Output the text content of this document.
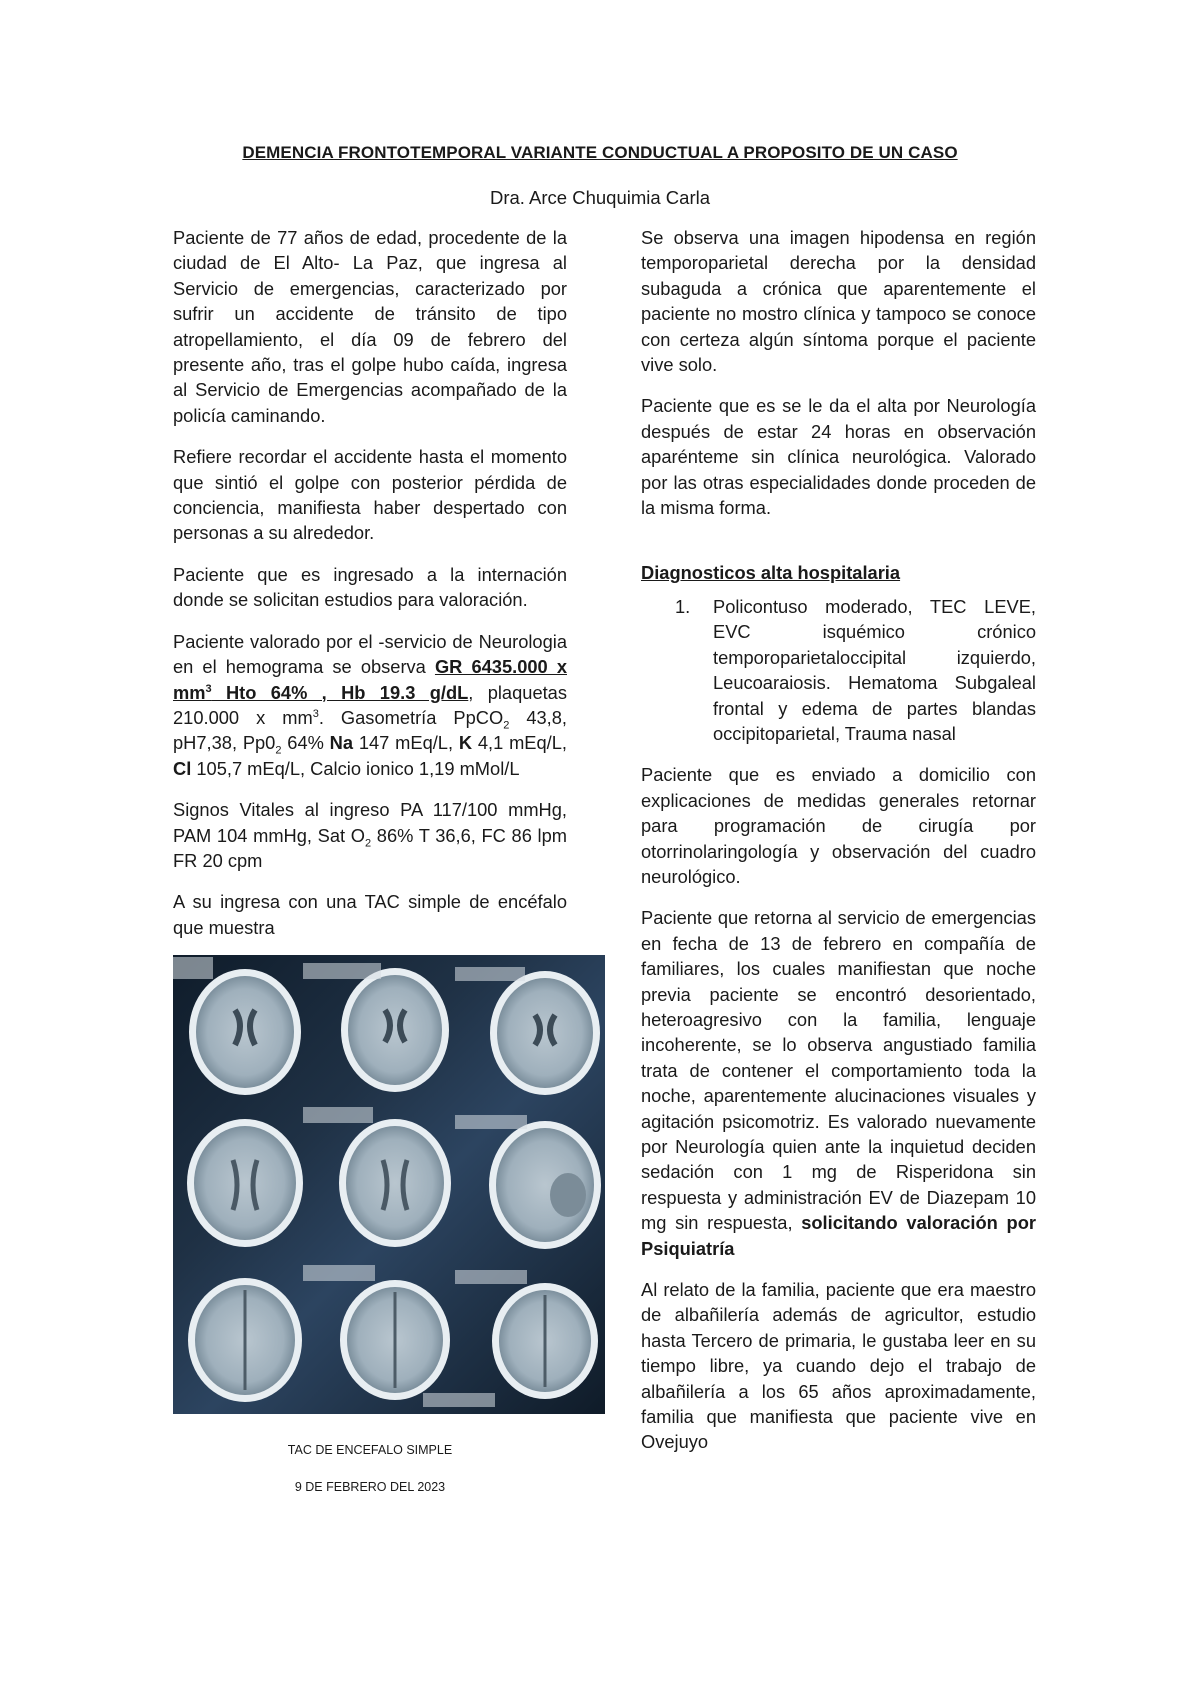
DEMENCIA FRONTOTEMPORAL VARIANTE CONDUCTUAL A PROPOSITO DE UN CASO
Dra. Arce Chuquimia Carla

Paciente de 77 años de edad, procedente de la ciudad de El Alto- La Paz, que ingresa al Servicio de emergencias, caracterizado por sufrir un accidente de tránsito de tipo atropellamiento, el día 09 de febrero del presente año, tras el golpe hubo caída, ingresa al Servicio de Emergencias acompañado de la policía caminando.

Refiere recordar el accidente hasta el momento que sintió el golpe con posterior pérdida de conciencia, manifiesta haber despertado con personas a su alrededor.

Paciente que es ingresado a la internación donde se solicitan estudios para valoración.

Paciente valorado por el -servicio de Neurologia en el hemograma se observa GR 6435.000 x $mm^3$ Hto 64% , Hb 19.3 g/dL, plaquetas 210.000 x $mm^3$. Gasometría PpCO$_2$ 43,8, pH7,38, $Pp0_2$ 64% Na 147 mEq/L, K 4,1 mEq/L, Cl 105,7 mEq/L, Calcio ionico 1,19 mMol/L

Signos Vitales al ingreso PA 117/100 mmHg, PAM 104 mmHg, Sat $O_2$ 86% T 36,6, FC 86 lpm FR 20 cpm

A su ingresa con una TAC simple de encéfalo que muestra

TAC DE ENCEFALO SIMPLE
9 DE FEBRERO DEL 2023

Se observa una imagen hipodensa en región temporoparietal derecha por la densidad subaguda a crónica que aparentemente el paciente no mostro clínica y tampoco se conoce con certeza algún síntoma porque el paciente vive solo.

Paciente que es se le da el alta por Neurología después de estar 24 horas en observación aparénteme sin clínica neurológica. Valorado por las otras especialidades donde proceden de la misma forma.

Diagnosticos alta hospitalaria
1. Policontuso moderado, TEC LEVE, EVC isquémico crónico temporoparietaloccipital izquierdo, Leucoaraiosis. Hematoma Subgaleal frontal y edema de partes blandas occipitoparietal, Trauma nasal

Paciente que es enviado a domicilio con explicaciones de medidas generales retornar para programación de cirugía por otorrinolaringología y observación del cuadro neurológico.

Paciente que retorna al servicio de emergencias en fecha de 13 de febrero en compañía de familiares, los cuales manifiestan que noche previa paciente se encontró desorientado, heteroagresivo con la familia, lenguaje incoherente, se lo observa angustiado familia trata de contener el comportamiento toda la noche, aparentemente alucinaciones visuales y agitación psicomotriz. Es valorado nuevamente por Neurología quien ante la inquietud deciden sedación con 1 mg de Risperidona sin respuesta y administración EV de Diazepam 10 mg sin respuesta, solicitando valoración por Psiquiatría

Al relato de la familia, paciente que era maestro de albañilería además de agricultor, estudio hasta Tercero de primaria, le gustaba leer en su tiempo libre, ya cuando dejo el trabajo de albañilería a los 65 años aproximadamente, familia que manifiesta que paciente vive en Ovejuyo
